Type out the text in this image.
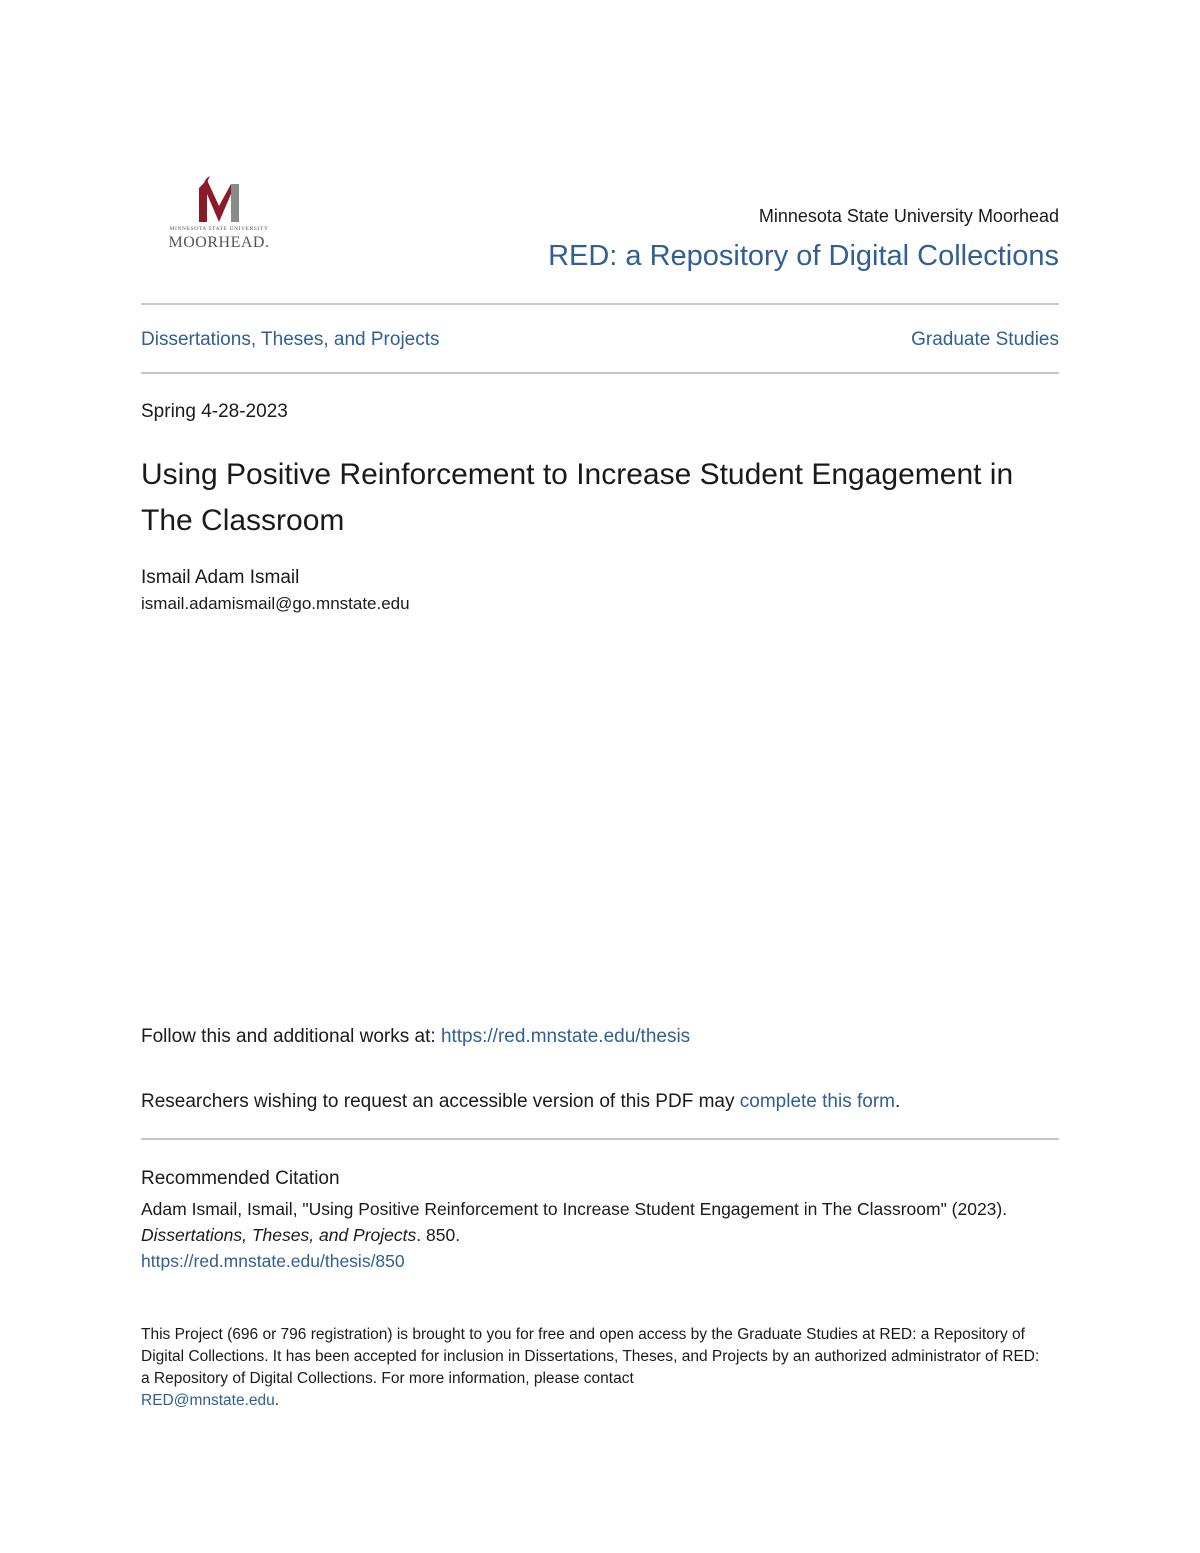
MINNESOTA STATE UNIVERSITY
MOORHEAD.
Minnesota State University Moorhead
RED: a Repository of Digital Collections
Dissertations, Theses, and Projects	Graduate Studies
Spring 4-28-2023
Using Positive Reinforcement to Increase Student Engagement in The Classroom
Ismail Adam Ismail
ismail.adamismail@go.mnstate.edu
Follow this and additional works at: https://red.mnstate.edu/thesis
Researchers wishing to request an accessible version of this PDF may complete this form.
Recommended Citation
Adam Ismail, Ismail, "Using Positive Reinforcement to Increase Student Engagement in The Classroom" (2023). Dissertations, Theses, and Projects. 850.
https://red.mnstate.edu/thesis/850
This Project (696 or 796 registration) is brought to you for free and open access by the Graduate Studies at RED: a Repository of Digital Collections. It has been accepted for inclusion in Dissertations, Theses, and Projects by an authorized administrator of RED: a Repository of Digital Collections. For more information, please contact
RED@mnstate.edu.
